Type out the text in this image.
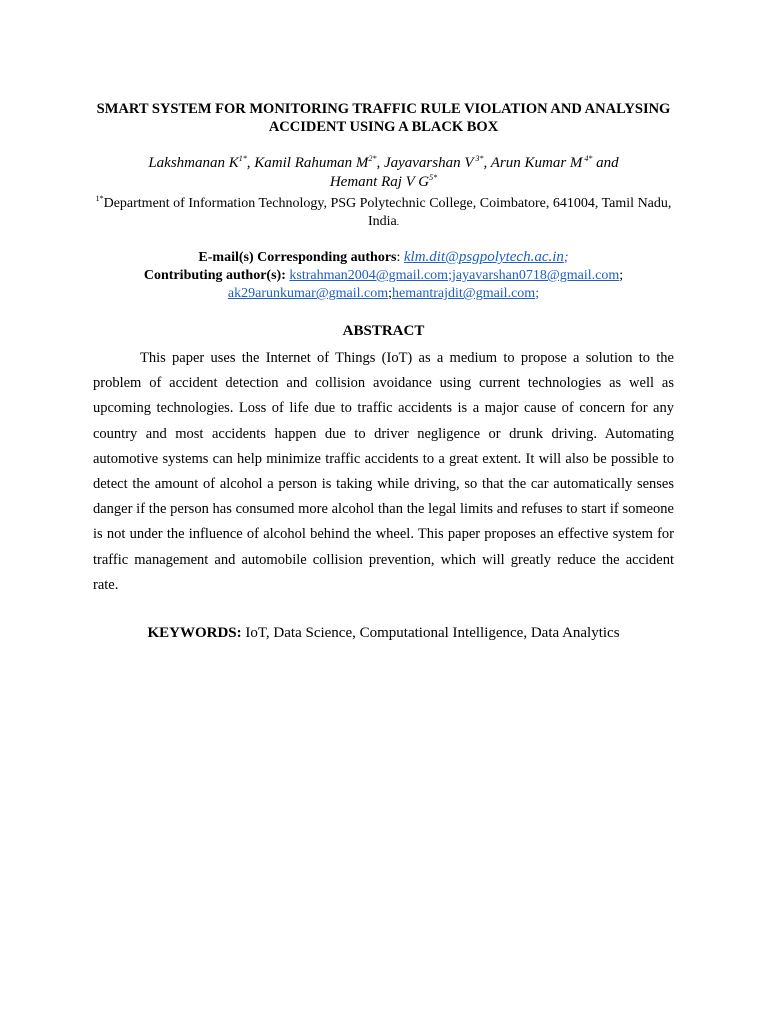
SMART SYSTEM FOR MONITORING TRAFFIC RULE VIOLATION AND ANALYSING ACCIDENT USING A BLACK BOX
Lakshmanan $K^{1*}$, Kamil Rahuman $M^{2*}$, Jayavarshan V $^{3*}$, Arun Kumar M $^{4*}$ and
Hemant Raj V $G^{5*}$
$^{1*}$Department of Information Technology, PSG Polytechnic College, Coimbatore, 641004, Tamil Nadu, India.
E-mail(s) Corresponding authors: klm.dit@psgpolytech.ac.in;
Contributing author(s): kstrahman2004@gmail.com;jayavarshan0718@gmail.com;
ak29arunkumar@gmail.com;hemantrajdit@gmail.com;
ABSTRACT

This paper uses the Internet of Things (IoT) as a medium to propose a solution to the problem of accident detection and collision avoidance using current technologies as well as upcoming technologies. Loss of life due to traffic accidents is a major cause of concern for any country and most accidents happen due to driver negligence or drunk driving. Automating automotive systems can help minimize traffic accidents to a great extent. It will also be possible to detect the amount of alcohol a person is taking while driving, so that the car automatically senses danger if the person has consumed more alcohol than the legal limits and refuses to start if someone is not under the influence of alcohol behind the wheel. This paper proposes an effective system for traffic management and automobile collision prevention, which will greatly reduce the accident rate.

KEYWORDS: IoT, Data Science, Computational Intelligence, Data Analytics
